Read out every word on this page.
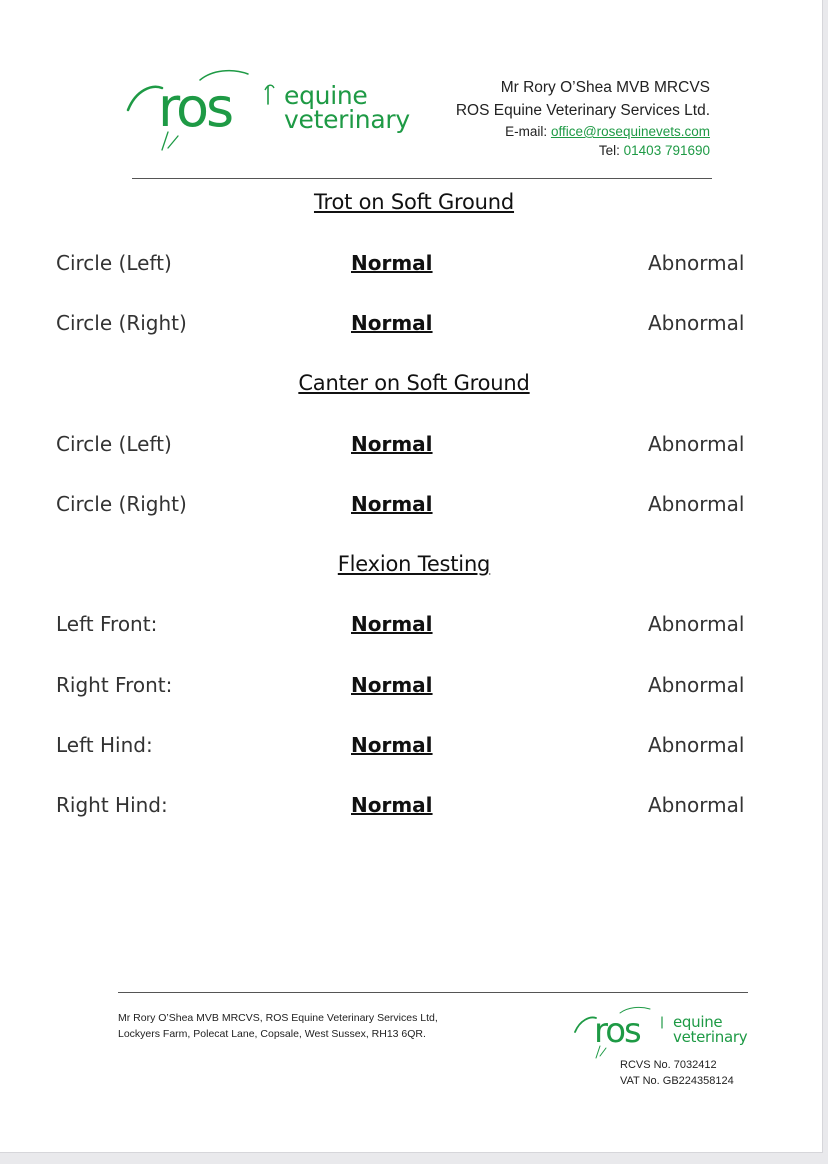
ros equine
veterinary
Mr Rory O’Shea MVB MRCVS
ROS Equine Veterinary Services Ltd.
E-mail: office@rosequinevets.com
Tel: 01403 791690
Trot on Soft Ground
Circle (Left)	Normal	Abnormal
Circle (Right)	Normal	Abnormal
Canter on Soft Ground
Circle (Left)	Normal	Abnormal
Circle (Right)	Normal	Abnormal
Flexion Testing
Left Front:	Normal	Abnormal
Right Front:	Normal	Abnormal
Left Hind:	Normal	Abnormal
Right Hind:	Normal	Abnormal
Mr Rory O’Shea MVB MRCVS, ROS Equine Veterinary Services Ltd,
Lockyers Farm, Polecat Lane, Copsale, West Sussex, RH13 6QR.	ros equine
veterinary
RCVS No. 7032412
VAT No. GB224358124
